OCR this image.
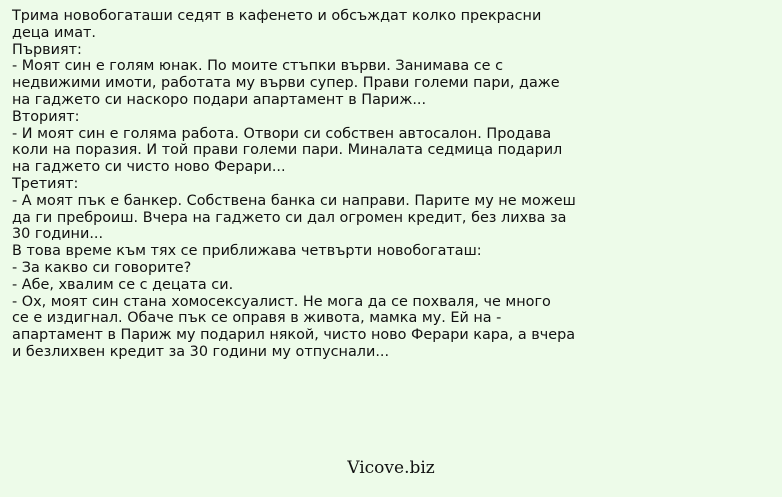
Трима новобогаташи седят в кафенето и обсъждат колко прекрасни
деца имат.
Първият:
- Моят син е голям юнак. По моите стъпки върви. Занимава се с
недвижими имоти, работата му върви супер. Прави големи пари, даже
на гаджето си наскоро подари апартамент в Париж...
Вторият:
- И моят син е голяма работа. Отвори си собствен автосалон. Продава
коли на поразия. И той прави големи пари. Миналата седмица подарил
на гаджето си чисто ново Ферари...
Третият:
- А моят пък е банкер. Собствена банка си направи. Парите му не можеш
да ги преброиш. Вчера на гаджето си дал огромен кредит, без лихва за
30 години...
В това време към тях се приближава четвърти новобогаташ:
- За какво си говорите?
- Абе, хвалим се с децата си.
- Ох, моят син стана хомосексуалист. Не мога да се похваля, че много
се е издигнал. Обаче пък се оправя в живота, мамка му. Ей на -
апартамент в Париж му подарил някой, чисто ново Ферари кара, а вчера
и безлихвен кредит за 30 години му отпуснали...
Vicove.biz
